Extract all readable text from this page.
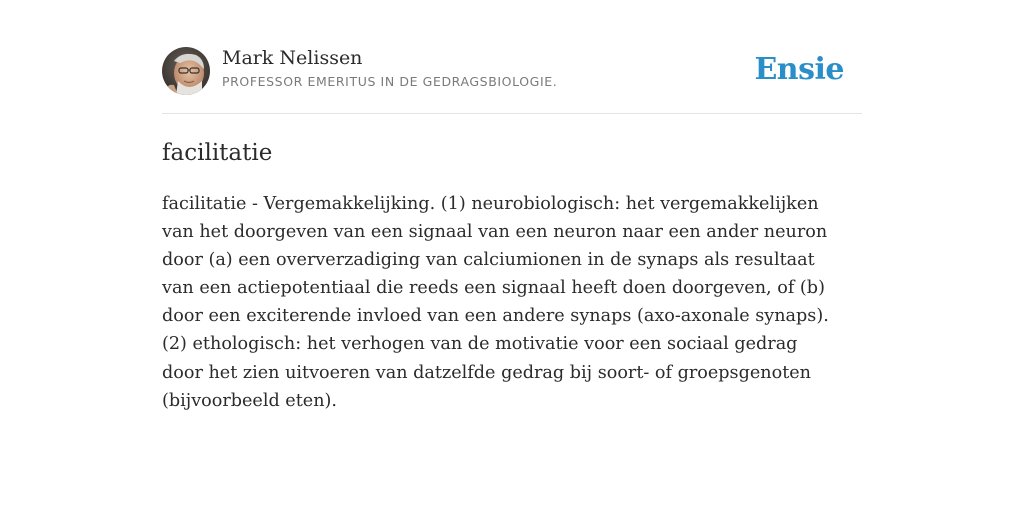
Mark Nelissen
PROFESSOR EMERITUS IN DE GEDRAGSBIOLOGIE.	Ensie
facilitatie

facilitatie - Vergemakkelijking. (1) neurobiologisch: het vergemakkelijken van het doorgeven van een signaal van een neuron naar een ander neuron door (a) een oververzadiging van calciumionen in de synaps als resultaat van een actiepotentiaal die reeds een signaal heeft doen doorgeven, of (b) door een exciterende invloed van een andere synaps (axo-axonale synaps). (2) ethologisch: het verhogen van de motivatie voor een sociaal gedrag door het zien uitvoeren van datzelfde gedrag bij soort- of groepsgenoten (bijvoorbeeld eten).
